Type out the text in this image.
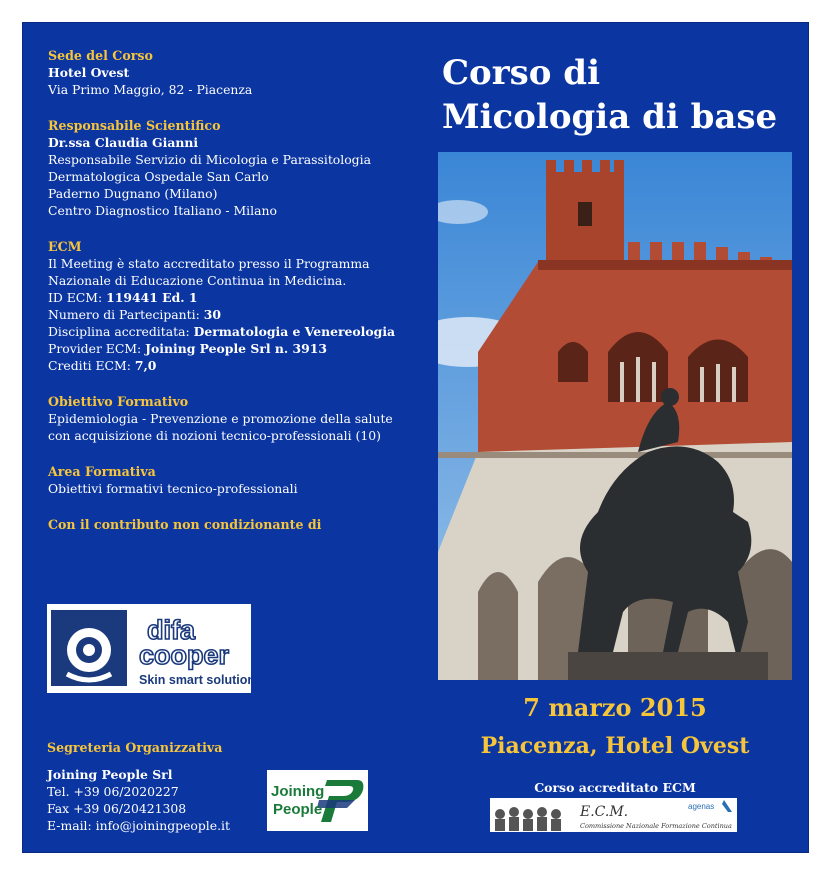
Sede del Corso
Hotel Ovest
Via Primo Maggio, 82 - Piacenza
Responsabile Scientifico
Dr.ssa Claudia Gianni
Responsabile Servizio di Micologia e Parassitologia
Dermatologica Ospedale San Carlo
Paderno Dugnano (Milano)
Centro Diagnostico Italiano - Milano
ECM
Il Meeting è stato accreditato presso il Programma
Nazionale di Educazione Continua in Medicina.
ID ECM: 119441 Ed. 1
Numero di Partecipanti: 30
Disciplina accreditata: Dermatologia e Venereologia
Provider ECM: Joining People Srl n. 3913
Crediti ECM: 7,0
Obiettivo Formativo
Epidemiologia - Prevenzione e promozione della salute
con acquisizione di nozioni tecnico-professionali (10)
Area Formativa
Obiettivi formativi tecnico-professionali
Con il contributo non condizionante di
difa
cooper
Skin smart solutions
Segreteria Organizzativa
Joining People Srl
Tel. +39 06/2020227
Fax +39 06/20421308
E-mail: info@joiningpeople.it
Joining
People
Corso di
Micologia di base
7 marzo 2015
Piacenza, Hotel Ovest
Corso accreditato ECM
E.C.M.
Commissione Nazionale Formazione Continua
agenas
